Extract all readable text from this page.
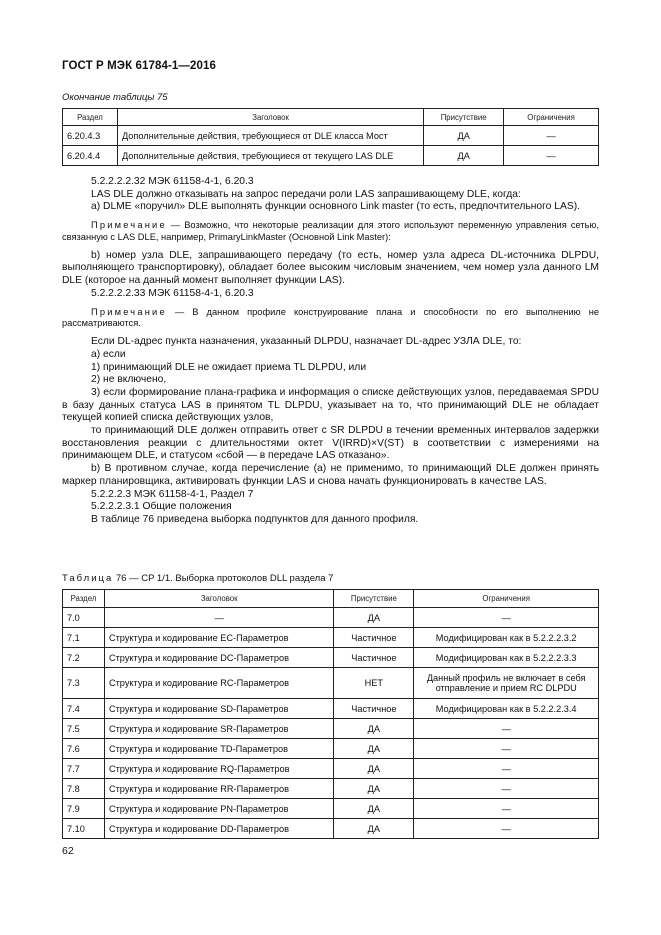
ГОСТ Р МЭК 61784-1—2016
Окончание таблицы 75
Раздел	Заголовок	Присутствие	Ограничения
6.20.4.3	Дополнительные действия, требующиеся от DLE класса Мост	ДА	—
6.20.4.4	Дополнительные действия, требующиеся от текущего LAS DLE	ДА	—

5.2.2.2.2.32 МЭК 61158-4-1, 6.20.3

LAS DLE должно отказывать на запрос передачи роли LAS запрашивающему DLE, когда:

a) DLME «поручил» DLE выполнять функции основного Link master (то есть, предпочтительного LAS).

Примечание — Возможно, что некоторые реализации для этого используют переменную управления сетью, связанную с LAS DLE, например, PrimaryLinkMaster (Основной Link Master):

b) номер узла DLE, запрашивающего передачу (то есть, номер узла адреса DL-источника DLPDU, выполняющего транспортировку), обладает более высоким числовым значением, чем номер узла данного LM DLE (которое на данный момент выполняет функции LAS).

5.2.2.2.2.33 МЭК 61158-4-1, 6.20.3

Примечание — В данном профиле конструирование плана и способности по его выполнению не рассматриваются.

Если DL-адрес пункта назначения, указанный DLPDU, назначает DL-адрес УЗЛА DLE, то:

a) если

1) принимающий DLE не ожидает приема TL DLPDU, или

2) не включено,

3) если формирование плана-графика и информация о списке действующих узлов, передаваемая SPDU в базу данных статуса LAS в принятом TL DLPDU, указывает на то, что принимающий DLE не обладает текущей копией списка действующих узлов,

то принимающий DLE должен отправить ответ с SR DLPDU в течении временных интервалов задержки восстановления реакции с длительностями октет V(IRRD)×V(ST) в соответствии с измерениями на принимающем DLE, и статусом «сбой — в передаче LAS отказано».

b) В противном случае, когда перечисление (a) не применимо, то принимающий DLE должен принять маркер планировщика, активировать функции LAS и снова начать функционировать в качестве LAS.

5.2.2.2.3 МЭК 61158-4-1, Раздел 7

5.2.2.2.3.1 Общие положения

В таблице 76 приведена выборка подпунктов для данного профиля.

Таблица 76 — CP 1/1. Выборка протоколов DLL раздела 7
Раздел	Заголовок	Присутствие	Ограничения
7.0	—	ДА	—
7.1	Структура и кодирование EC-Параметров	Частичное	Модифицирован как в 5.2.2.2.3.2
7.2	Структура и кодирование DC-Параметров	Частичное	Модифицирован как в 5.2.2.2.3.3
7.3	Структура и кодирование RC-Параметров	НЕТ	Данный профиль не включает в себя отправление и прием RC DLPDU
7.4	Структура и кодирование SD-Параметров	Частичное	Модифицирован как в 5.2.2.2.3.4
7.5	Структура и кодирование SR-Параметров	ДА	—
7.6	Структура и кодирование TD-Параметров	ДА	—
7.7	Структура и кодирование RQ-Параметров	ДА	—
7.8	Структура и кодирование RR-Параметров	ДА	—
7.9	Структура и кодирование PN-Параметров	ДА	—
7.10	Структура и кодирование DD-Параметров	ДА	—
62
